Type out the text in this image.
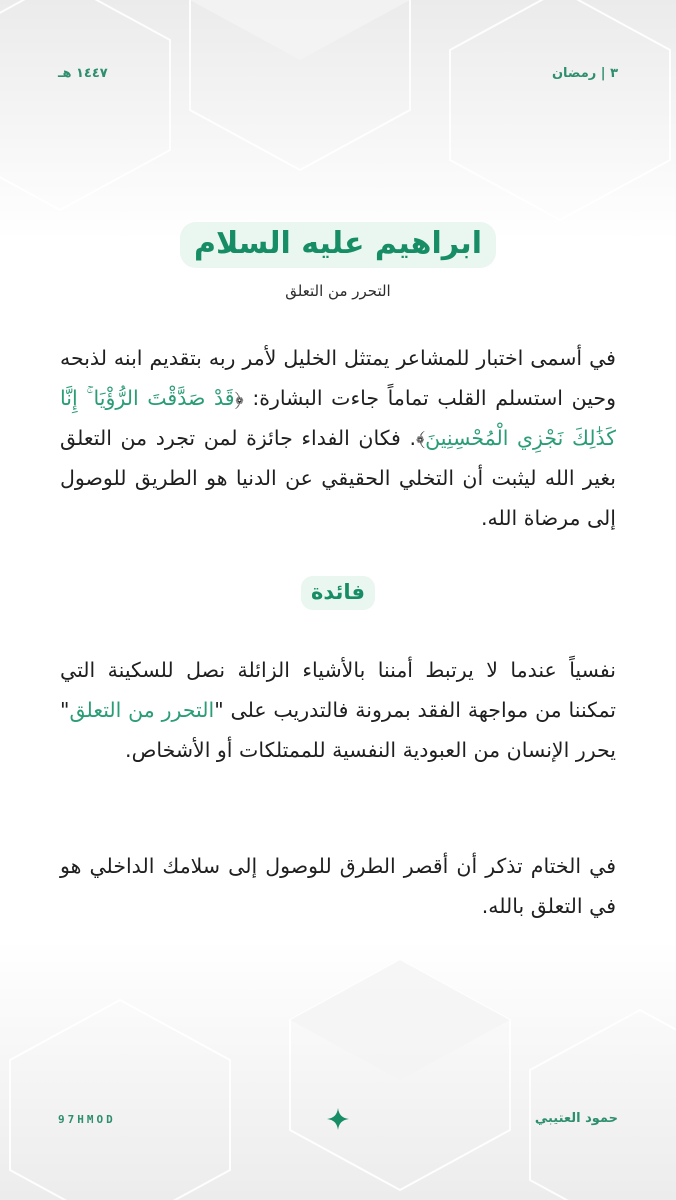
٣ | رمضان
١٤٤٧ هـ
ابراهيم عليه السلام
التحرر من التعلق
في أسمى اختبار للمشاعر يمتثل الخليل لأمر ربه بتقديم ابنه لذبحه وحين استسلم القلب تماماً جاءت البشارة: ﴿قَدْ صَدَّقْتَ الرُّؤْيَا ۚ إِنَّا كَذَٰلِكَ نَجْزِي الْمُحْسِنِينَ﴾. فكان الفداء جائزة لمن تجرد من التعلق بغير الله ليثبت أن التخلي الحقيقي عن الدنيا هو الطريق للوصول إلى مرضاة الله.
فائدة
نفسياً عندما لا يرتبط أمننا بالأشياء الزائلة نصل للسكينة التي تمكننا من مواجهة الفقد بمرونة فالتدريب على "التحرر من التعلق" يحرر الإنسان من العبودية النفسية للممتلكات أو الأشخاص.
في الختام تذكر أن أقصر الطرق للوصول إلى سلامك الداخلي هو في التعلق بالله.
حمود العتيبي
97HMOD
